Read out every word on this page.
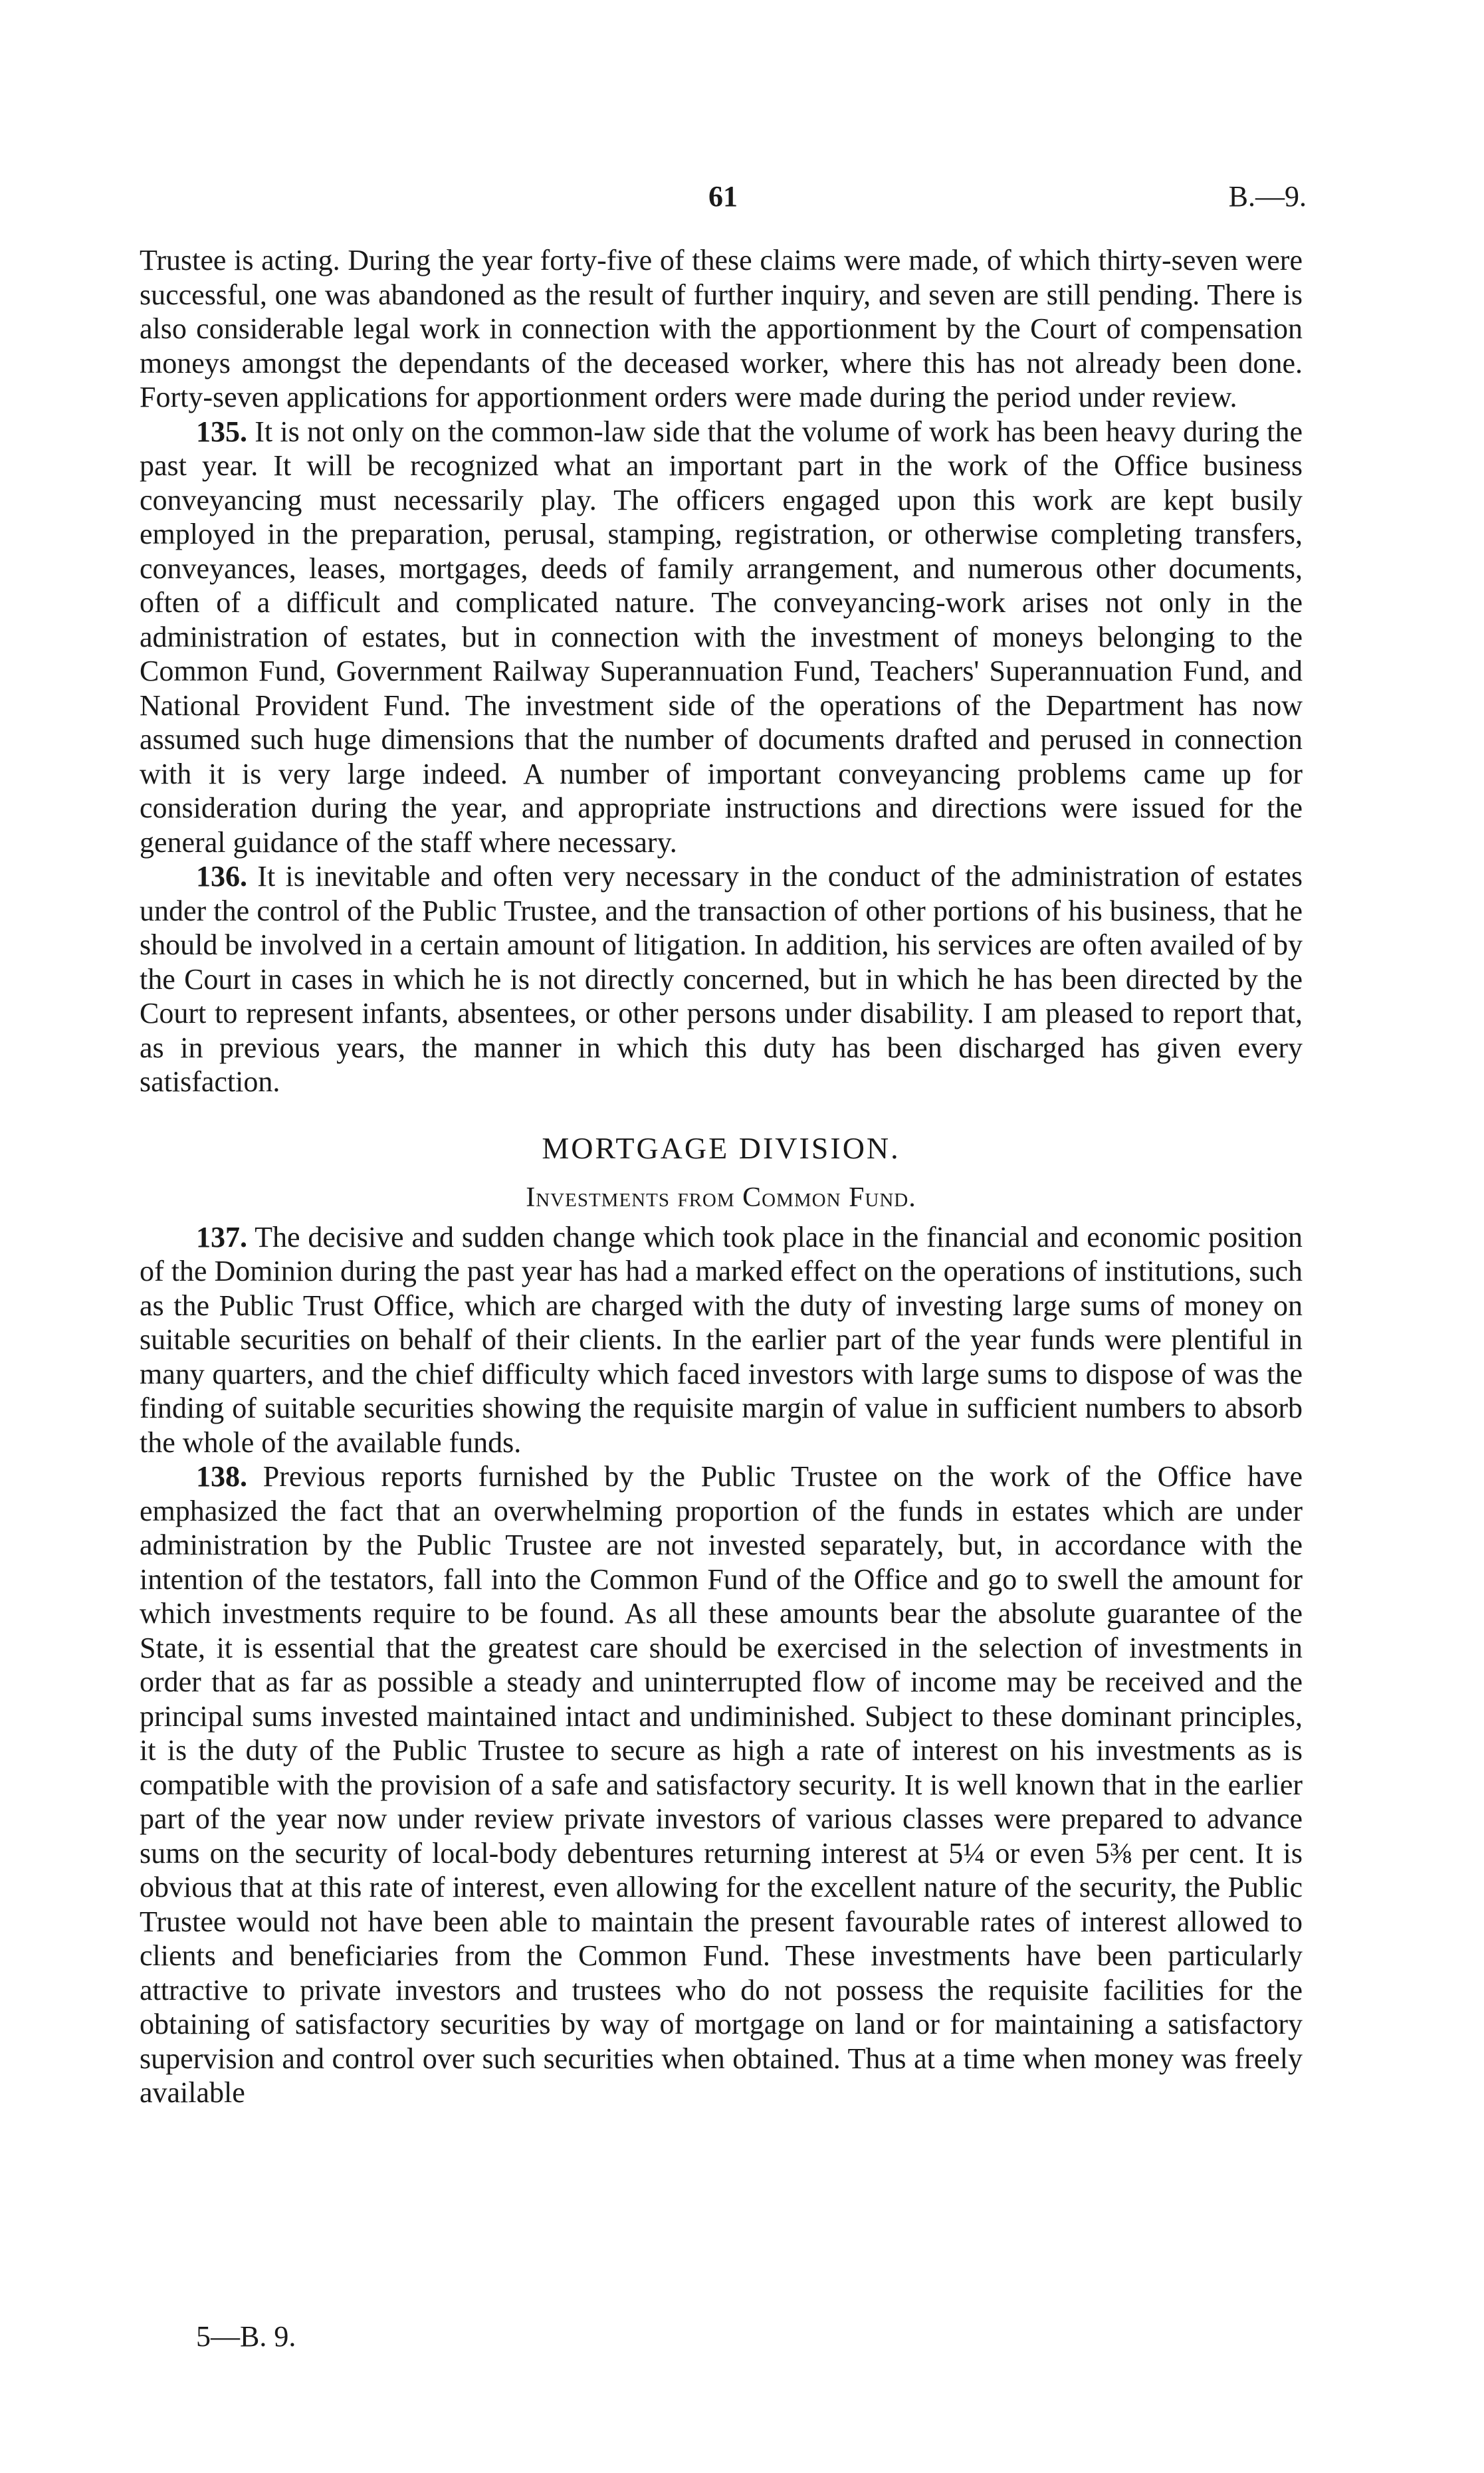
61	B.—9.

Trustee is acting. During the year forty-five of these claims were made, of which thirty-seven were successful, one was abandoned as the result of further inquiry, and seven are still pending. There is also considerable legal work in connection with the apportionment by the Court of compensation moneys amongst the dependants of the deceased worker, where this has not already been done. Forty-seven applications for apportionment orders were made during the period under review.

135. It is not only on the common-law side that the volume of work has been heavy during the past year. It will be recognized what an important part in the work of the Office business conveyancing must necessarily play. The officers engaged upon this work are kept busily employed in the preparation, perusal, stamping, registration, or otherwise completing transfers, conveyances, leases, mortgages, deeds of family arrangement, and numerous other documents, often of a difficult and complicated nature. The conveyancing-work arises not only in the administration of estates, but in connection with the investment of moneys belonging to the Common Fund, Government Railway Superannuation Fund, Teachers' Superannuation Fund, and National Provident Fund. The investment side of the operations of the Department has now assumed such huge dimensions that the number of documents drafted and perused in connection with it is very large indeed. A number of important conveyancing problems came up for consideration during the year, and appropriate instructions and directions were issued for the general guidance of the staff where necessary.

136. It is inevitable and often very necessary in the conduct of the administration of estates under the control of the Public Trustee, and the transaction of other portions of his business, that he should be involved in a certain amount of litigation. In addition, his services are often availed of by the Court in cases in which he is not directly concerned, but in which he has been directed by the Court to represent infants, absentees, or other persons under disability. I am pleased to report that, as in previous years, the manner in which this duty has been discharged has given every satisfaction.

MORTGAGE DIVISION.
Investments from Common Fund.

137. The decisive and sudden change which took place in the financial and economic position of the Dominion during the past year has had a marked effect on the operations of institutions, such as the Public Trust Office, which are charged with the duty of investing large sums of money on suitable securities on behalf of their clients. In the earlier part of the year funds were plentiful in many quarters, and the chief difficulty which faced investors with large sums to dispose of was the finding of suitable securities showing the requisite margin of value in sufficient numbers to absorb the whole of the available funds.

138. Previous reports furnished by the Public Trustee on the work of the Office have emphasized the fact that an overwhelming proportion of the funds in estates which are under administration by the Public Trustee are not invested separately, but, in accordance with the intention of the testators, fall into the Common Fund of the Office and go to swell the amount for which investments require to be found. As all these amounts bear the absolute guarantee of the State, it is essential that the greatest care should be exercised in the selection of investments in order that as far as possible a steady and uninterrupted flow of income may be received and the principal sums invested maintained intact and undiminished. Subject to these dominant principles, it is the duty of the Public Trustee to secure as high a rate of interest on his investments as is compatible with the provision of a safe and satisfactory security. It is well known that in the earlier part of the year now under review private investors of various classes were prepared to advance sums on the security of local-body debentures returning interest at 5¼ or even 5⅜ per cent. It is obvious that at this rate of interest, even allowing for the excellent nature of the security, the Public Trustee would not have been able to maintain the present favourable rates of interest allowed to clients and beneficiaries from the Common Fund. These investments have been particularly attractive to private investors and trustees who do not possess the requisite facilities for the obtaining of satisfactory securities by way of mortgage on land or for maintaining a satisfactory supervision and control over such securities when obtained. Thus at a time when money was freely available

5—B. 9.
